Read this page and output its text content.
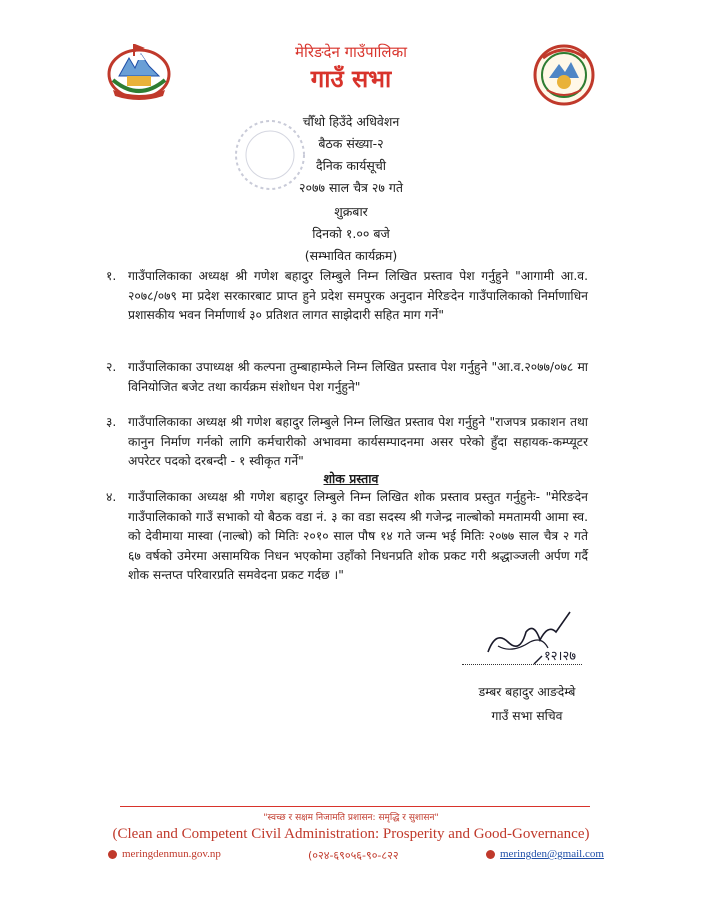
मेरिङदेन गाउँपालिका
गाउँ सभा
चौँथो हिउँदे अधिवेशन
बैठक संख्या-२
दैनिक कार्यसूची
२०७७ साल चैत्र २७ गते
शुक्रबार
दिनको १.०० बजे
(सम्भावित कार्यक्रम)
१. गाउँपालिकाका अध्यक्ष श्री गणेश बहादुर लिम्बुले निम्न लिखित प्रस्ताव पेश गर्नुहुने "आगामी आ.व. २०७८/०७९ मा प्रदेश सरकारबाट प्राप्त हुने प्रदेश समपुरक अनुदान मेरिङदेन गाउँपालिकाको निर्माणाधिन प्रशासकीय भवन निर्माणार्थ ३० प्रतिशत लागत साझेदारी सहित माग गर्ने"

२. गाउँपालिकाका उपाध्यक्ष श्री कल्पना तुम्बाहाम्फेले निम्न लिखित प्रस्ताव पेश गर्नुहुने "आ.व.२०७७/०७८ मा विनियोजित बजेट तथा कार्यक्रम संशोधन पेश गर्नुहुने"

३. गाउँपालिकाका अध्यक्ष श्री गणेश बहादुर लिम्बुले निम्न लिखित प्रस्ताव पेश गर्नुहुने "राजपत्र प्रकाशन तथा कानुन निर्माण गर्नको लागि कर्मचारीको अभावमा कार्यसम्पादनमा असर परेको हुँदा सहायक-कम्प्यूटर अपरेटर पदको दरबन्दी - १ स्वीकृत गर्ने"

शोक प्रस्ताव
४. गाउँपालिकाका अध्यक्ष श्री गणेश बहादुर लिम्बुले निम्न लिखित शोक प्रस्ताव प्रस्तुत गर्नुहुनेः- "मेरिङदेन गाउँपालिकाको गाउँ सभाको यो बैठक वडा नं. ३ का वडा सदस्य श्री गजेन्द्र नाल्बोको ममतामयी आमा स्व. को देवीमाया मास्वा (नाल्बो) को मितिः २०१० साल पौष १४ गते जन्म भई मितिः २०७७ साल चैत्र २ गते ६७ वर्षको उमेरमा असामयिक निधन भएकोमा उहाँको निधनप्रति शोक प्रकट गरी श्रद्धाञ्जली अर्पण गर्दै शोक सन्तप्त परिवारप्रति समवेदना प्रकट गर्दछ ।"

१२।२७
डम्बर बहादुर आङदेम्बे
गाउँ सभा सचिव
"स्वच्छ र सक्षम निजामति प्रशासन: समृद्धि र सुशासन"
(Clean and Competent Civil Administration: Prosperity and Good-Governance)
meringdenmun.gov.np	(०२४-६९०५६-९०-८२२	meringden@gmail.com
